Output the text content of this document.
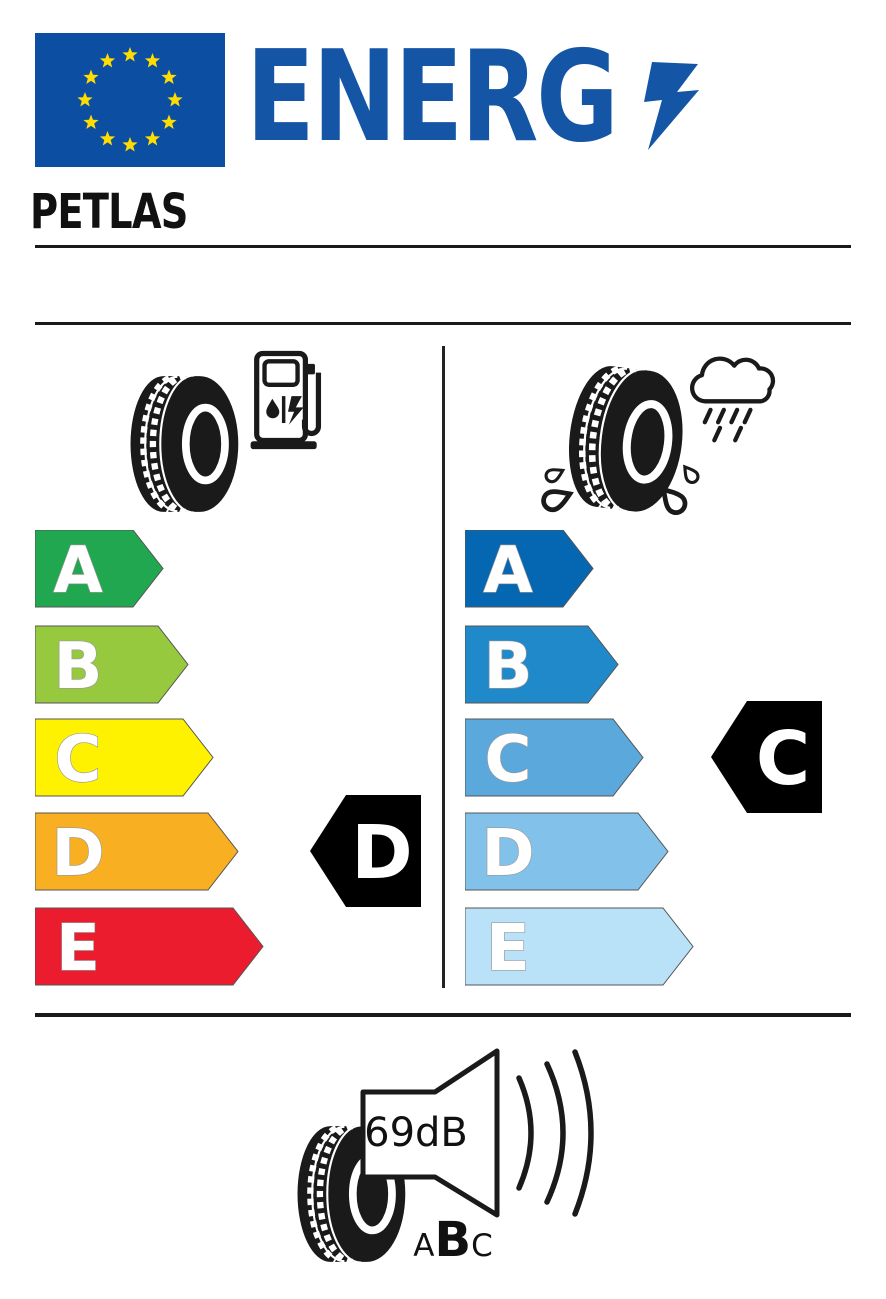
ENERG
PETLAS
A
B
C
D
E
A
B
C
D
E
D
C
69dB
ABC
